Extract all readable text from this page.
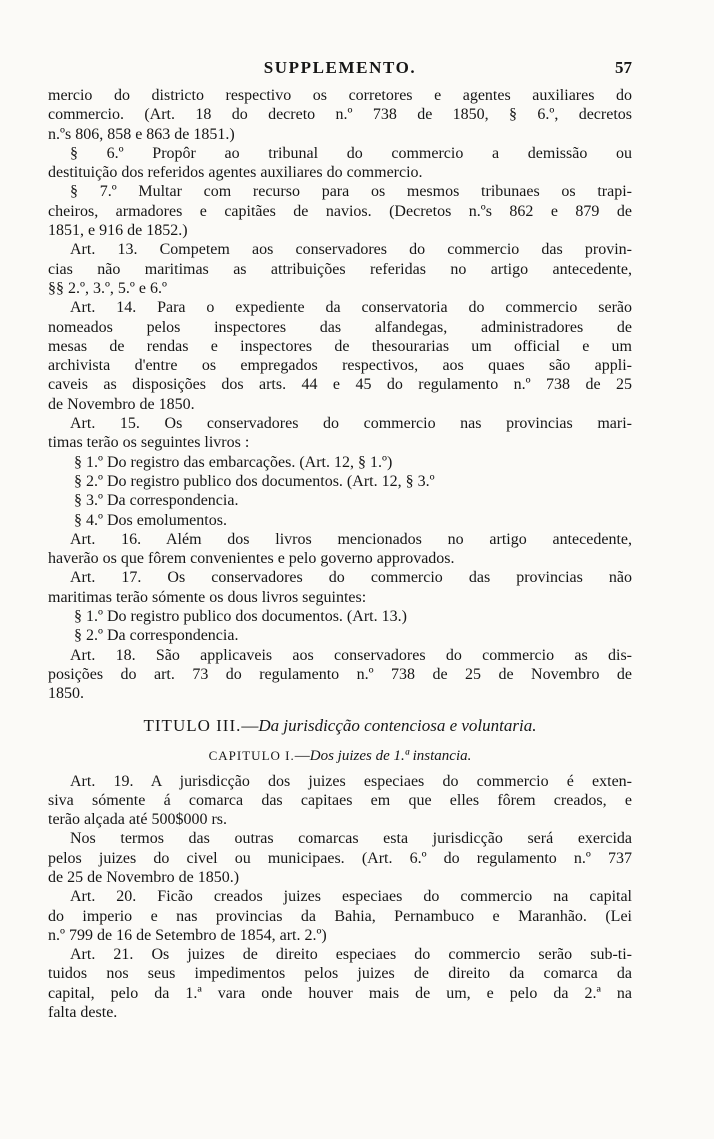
SUPPLEMENTO.	57
mercio do districto respectivo os corretores e agentes auxiliares do
commercio. (Art. 18 do decreto n.º 738 de 1850, § 6.º, decretos
n.ºs 806, 858 e 863 de 1851.)
§ 6.º Propôr ao tribunal do commercio a demissão ou
destituição dos referidos agentes auxiliares do commercio.
§ 7.º Multar com recurso para os mesmos tribunaes os trapi-
cheiros, armadores e capitães de navios. (Decretos n.ºs 862 e 879 de
1851, e 916 de 1852.)
Art. 13. Competem aos conservadores do commercio das provin-
cias não maritimas as attribuições referidas no artigo antecedente,
§§ 2.º, 3.º, 5.º e 6.º
Art. 14. Para o expediente da conservatoria do commercio serão
nomeados pelos inspectores das alfandegas, administradores de
mesas de rendas e inspectores de thesourarias um official e um
archivista d'entre os empregados respectivos, aos quaes são appli-
caveis as disposições dos arts. 44 e 45 do regulamento n.º 738 de 25
de Novembro de 1850.
Art. 15. Os conservadores do commercio nas provincias mari-
timas terão os seguintes livros :
§ 1.º Do registro das embarcações. (Art. 12, § 1.º)
§ 2.º Do registro publico dos documentos. (Art. 12, § 3.º
§ 3.º Da correspondencia.
§ 4.º Dos emolumentos.
Art. 16. Além dos livros mencionados no artigo antecedente,
haverão os que fôrem convenientes e pelo governo approvados.
Art. 17. Os conservadores do commercio das provincias não
maritimas terão sómente os dous livros seguintes:
§ 1.º Do registro publico dos documentos. (Art. 13.)
§ 2.º Da correspondencia.
Art. 18. São applicaveis aos conservadores do commercio as dis-
posições do art. 73 do regulamento n.º 738 de 25 de Novembro de
1850.
TITULO III.—Da jurisdicção contenciosa e voluntaria.
CAPITULO I.—Dos juizes de 1.ª instancia.
Art. 19. A jurisdicção dos juizes especiaes do commercio é exten-
siva sómente á comarca das capitaes em que elles fôrem creados, e
terão alçada até 500$000 rs.
Nos termos das outras comarcas esta jurisdicção será exercida
pelos juizes do civel ou municipaes. (Art. 6.º do regulamento n.º 737
de 25 de Novembro de 1850.)
Art. 20. Ficão creados juizes especiaes do commercio na capital
do imperio e nas provincias da Bahia, Pernambuco e Maranhão. (Lei
n.º 799 de 16 de Setembro de 1854, art. 2.º)
Art. 21. Os juizes de direito especiaes do commercio serão sub-ti-
tuidos nos seus impedimentos pelos juizes de direito da comarca da
capital, pelo da 1.ª vara onde houver mais de um, e pelo da 2.ª na
falta deste.
